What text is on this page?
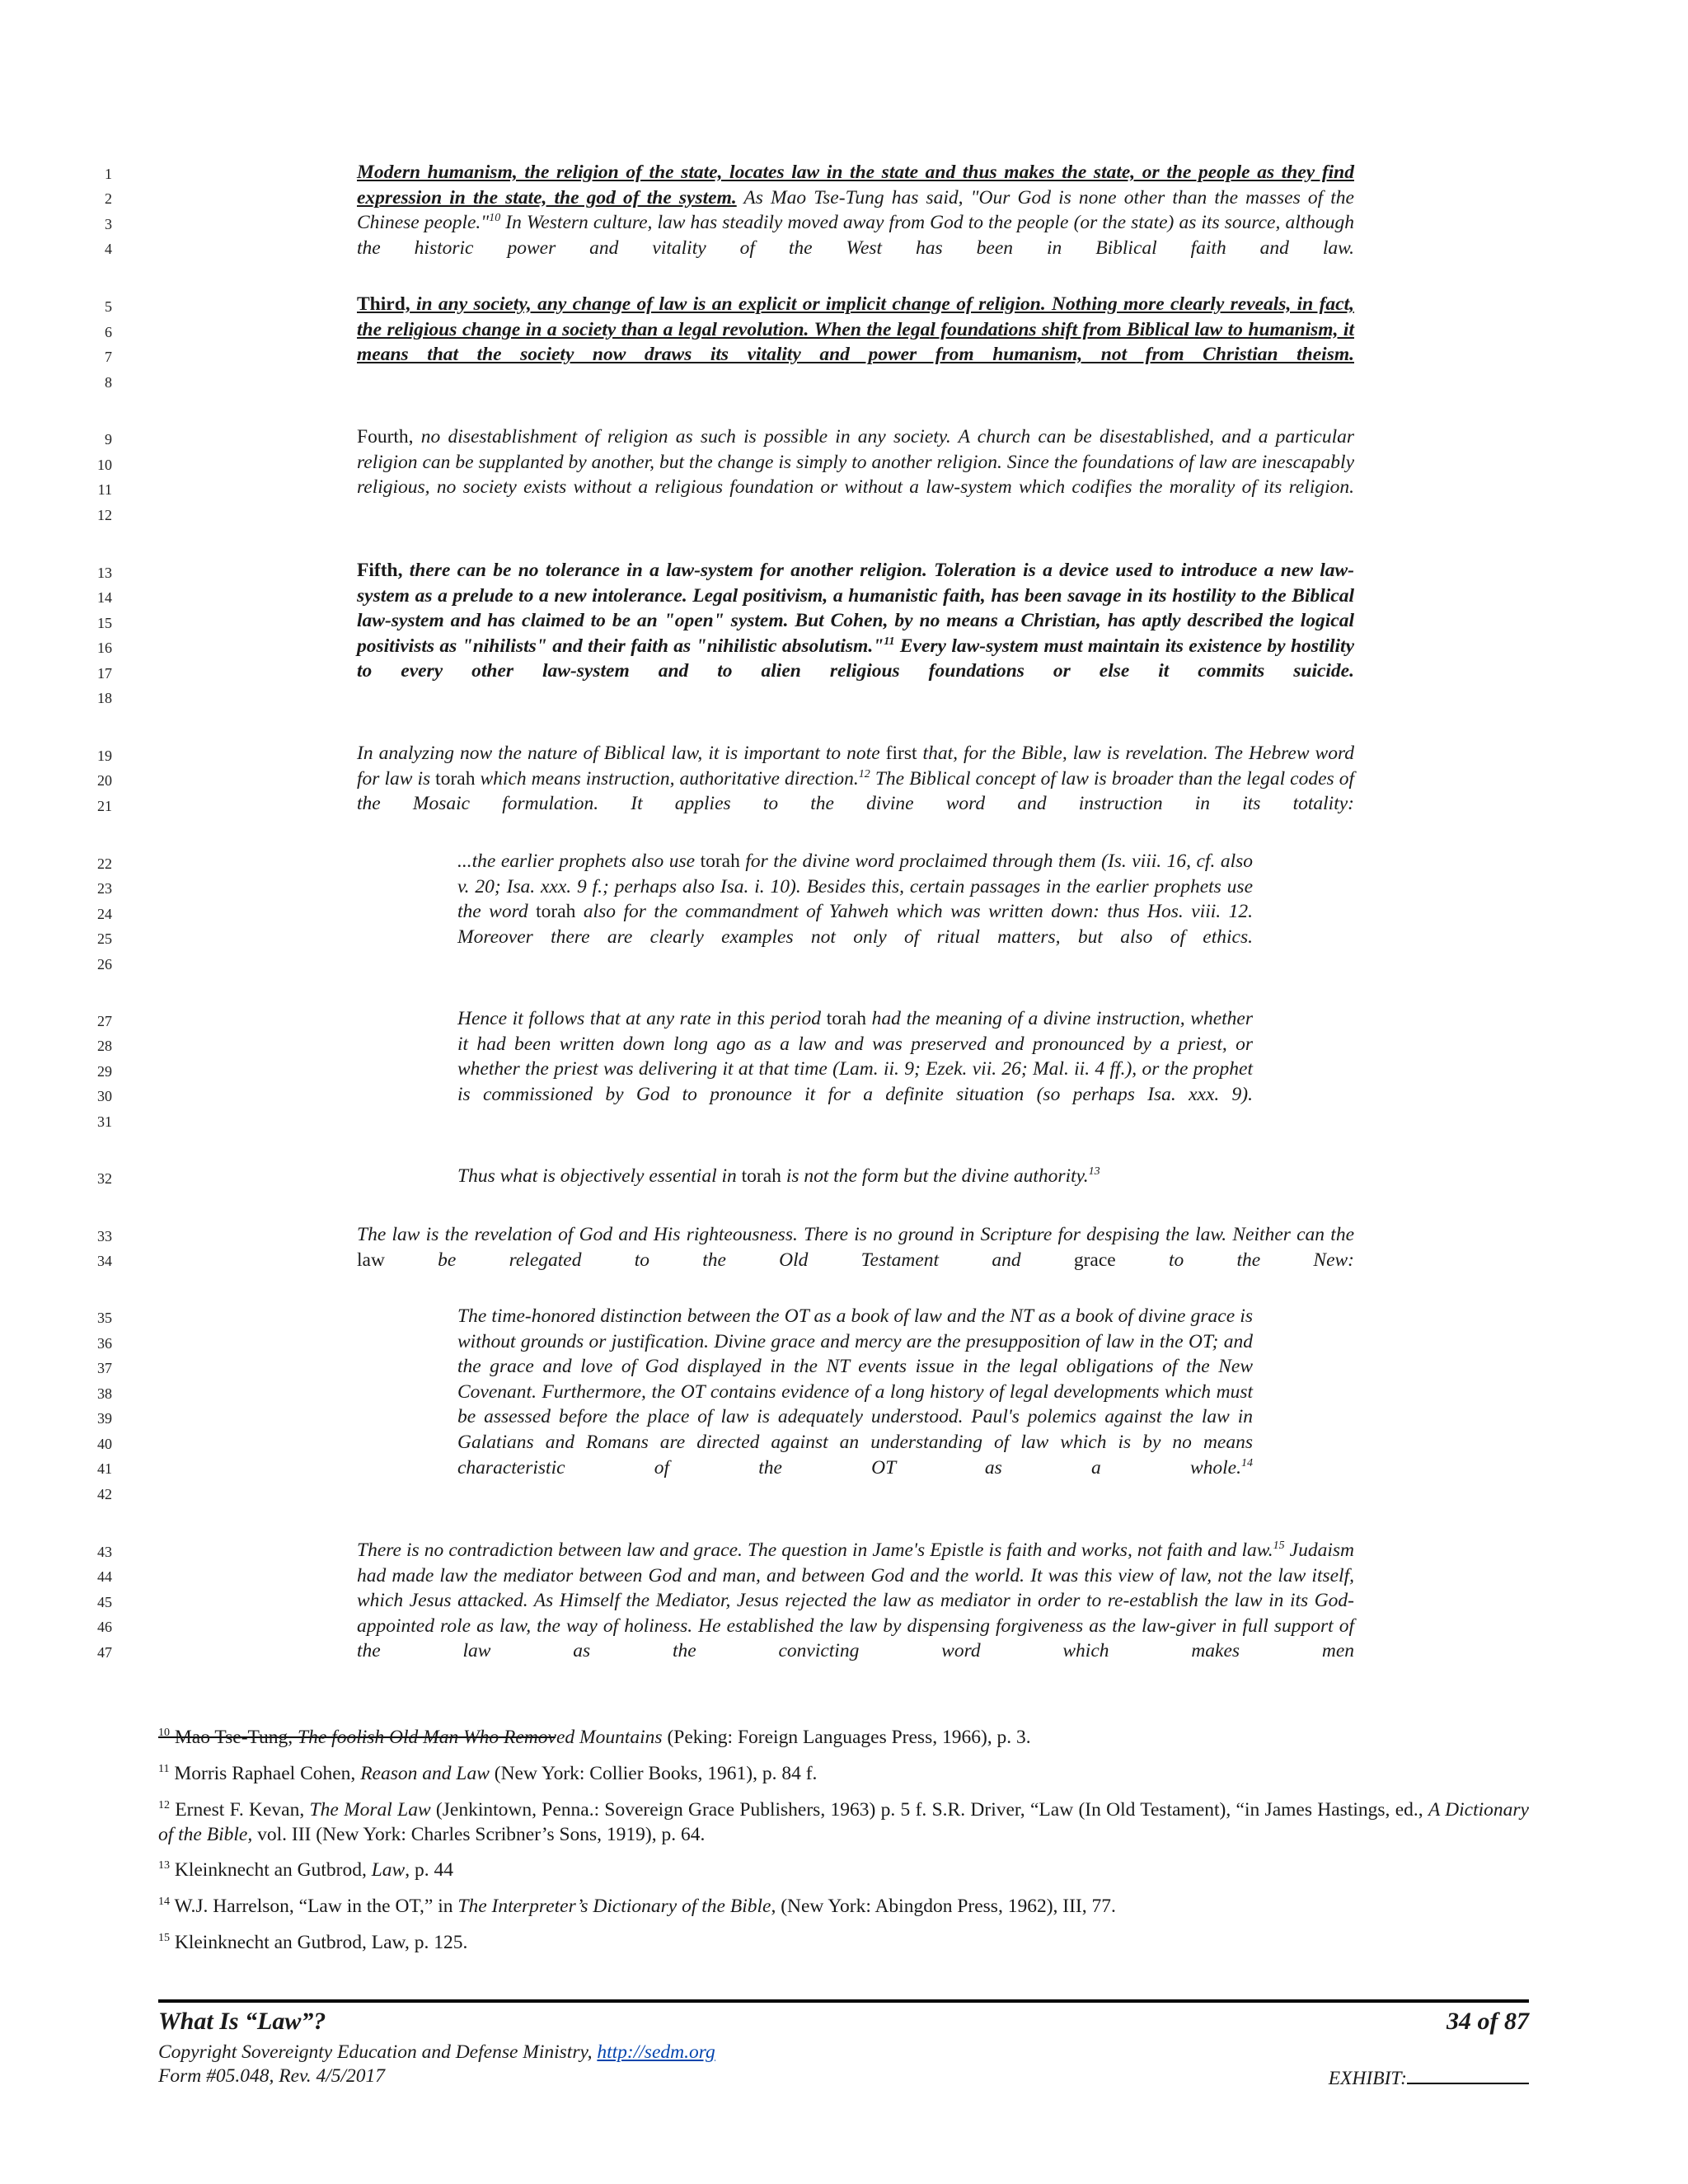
1
2
3
4
5
6
7
8
9
10
11
12
13
14
15
16
17
18
19
20
21
22
23
24
25
26
27
28
29
30
31
32
33
34
35
36
37
38
39
40
41
42
43
44
45
46
47

Modern humanism, the religion of the state, locates law in the state and thus makes the state, or the people as they find expression in the state, the god of the system. As Mao Tse-Tung has said, "Our God is none other than the masses of the Chinese people."$^{10}$ In Western culture, law has steadily moved away from God to the people (or the state) as its source, although the historic power and vitality of the West has been in Biblical faith and law.

Third, in any society, any change of law is an explicit or implicit change of religion. Nothing more clearly reveals, in fact, the religious change in a society than a legal revolution. When the legal foundations shift from Biblical law to humanism, it means that the society now draws its vitality and power from humanism, not from Christian theism.

Fourth, no disestablishment of religion as such is possible in any society. A church can be disestablished, and a particular religion can be supplanted by another, but the change is simply to another religion. Since the foundations of law are inescapably religious, no society exists without a religious foundation or without a law-system which codifies the morality of its religion.

Fifth, there can be no tolerance in a law-system for another religion. Toleration is a device used to introduce a new law-system as a prelude to a new intolerance. Legal positivism, a humanistic faith, has been savage in its hostility to the Biblical law-system and has claimed to be an "open" system. But Cohen, by no means a Christian, has aptly described the logical positivists as "nihilists" and their faith as "nihilistic absolutism."$^{11}$ Every law-system must maintain its existence by hostility to every other law-system and to alien religious foundations or else it commits suicide.

In analyzing now the nature of Biblical law, it is important to note first that, for the Bible, law is revelation. The Hebrew word for law is torah which means instruction, authoritative direction.$^{12}$ The Biblical concept of law is broader than the legal codes of the Mosaic formulation. It applies to the divine word and instruction in its totality:

...the earlier prophets also use torah for the divine word proclaimed through them (Is. viii. 16, cf. also v. 20; Isa. xxx. 9 f.; perhaps also Isa. i. 10). Besides this, certain passages in the earlier prophets use the word torah also for the commandment of Yahweh which was written down: thus Hos. viii. 12. Moreover there are clearly examples not only of ritual matters, but also of ethics.

Hence it follows that at any rate in this period torah had the meaning of a divine instruction, whether it had been written down long ago as a law and was preserved and pronounced by a priest, or whether the priest was delivering it at that time (Lam. ii. 9; Ezek. vii. 26; Mal. ii. 4 ff.), or the prophet is commissioned by God to pronounce it for a definite situation (so perhaps Isa. xxx. 9).

Thus what is objectively essential in torah is not the form but the divine authority.$^{13}$

The law is the revelation of God and His righteousness. There is no ground in Scripture for despising the law. Neither can the law be relegated to the Old Testament and grace to the New:

The time-honored distinction between the OT as a book of law and the NT as a book of divine grace is without grounds or justification. Divine grace and mercy are the presupposition of law in the OT; and the grace and love of God displayed in the NT events issue in the legal obligations of the New Covenant. Furthermore, the OT contains evidence of a long history of legal developments which must be assessed before the place of law is adequately understood. Paul's polemics against the law in Galatians and Romans are directed against an understanding of law which is by no means characteristic of the OT as a whole.$^{14}$

There is no contradiction between law and grace. The question in Jame's Epistle is faith and works, not faith and law.$^{15}$ Judaism had made law the mediator between God and man, and between God and the world. It was this view of law, not the law itself, which Jesus attacked. As Himself the Mediator, Jesus rejected the law as mediator in order to re-establish the law in its God-appointed role as law, the way of holiness. He established the law by dispensing forgiveness as the law-giver in full support of the law as the convicting word which makes men

$^{10}$ Mao Tse-Tung, The foolish Old Man Who Removed Mountains (Peking: Foreign Languages Press, 1966), p. 3.

$^{11}$ Morris Raphael Cohen, Reason and Law (New York: Collier Books, 1961), p. 84 f.

$^{12}$ Ernest F. Kevan, The Moral Law (Jenkintown, Penna.: Sovereign Grace Publishers, 1963) p. 5 f. S.R. Driver, “Law (In Old Testament), “in James Hastings, ed., A Dictionary of the Bible, vol. III (New York: Charles Scribner’s Sons, 1919), p. 64.

$^{13}$ Kleinknecht an Gutbrod, Law, p. 44

$^{14}$ W.J. Harrelson, “Law in the OT,” in The Interpreter’s Dictionary of the Bible, (New York: Abingdon Press, 1962), III, 77.

$^{15}$ Kleinknecht an Gutbrod, Law, p. 125.

What Is “Law”?	34 of 87
Copyright Sovereignty Education and Defense Ministry, http://sedm.org
Form #05.048, Rev. 4/5/2017	EXHIBIT:
